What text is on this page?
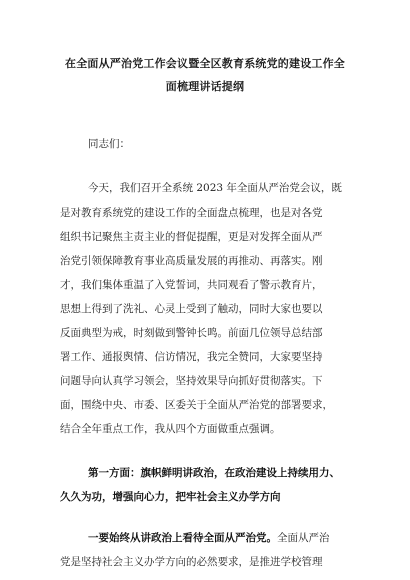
在全面从严治党工作会议暨全区教育系统党的建设工作全
面梳理讲话提纲
同志们：
今天，我们召开全系统 2023 年全面从严治党会议，既
是对教育系统党的建设工作的全面盘点梳理，也是对各党
组织书记聚焦主责主业的督促提醒，更是对发挥全面从严
治党引领保障教育事业高质量发展的再推动、再落实。刚
才，我们集体重温了入党誓词，共同观看了警示教育片，
思想上得到了洗礼、心灵上受到了触动，同时大家也要以
反面典型为戒，时刻做到警钟长鸣。前面几位领导总结部
署工作、通报舆情、信访情况，我完全赞同，大家要坚持
问题导向认真学习领会，坚持效果导向抓好贯彻落实。下
面，围绕中央、市委、区委关于全面从严治党的部署要求，
结合全年重点工作，我从四个方面做重点强调。
第一方面：旗帜鲜明讲政治，在政治建设上持续用力、
久久为功，增强向心力，把牢社会主义办学方向
一要始终从讲政治上看待全面从严治党。全面从严治
党是坚持社会主义办学方向的必然要求，是推进学校管理
